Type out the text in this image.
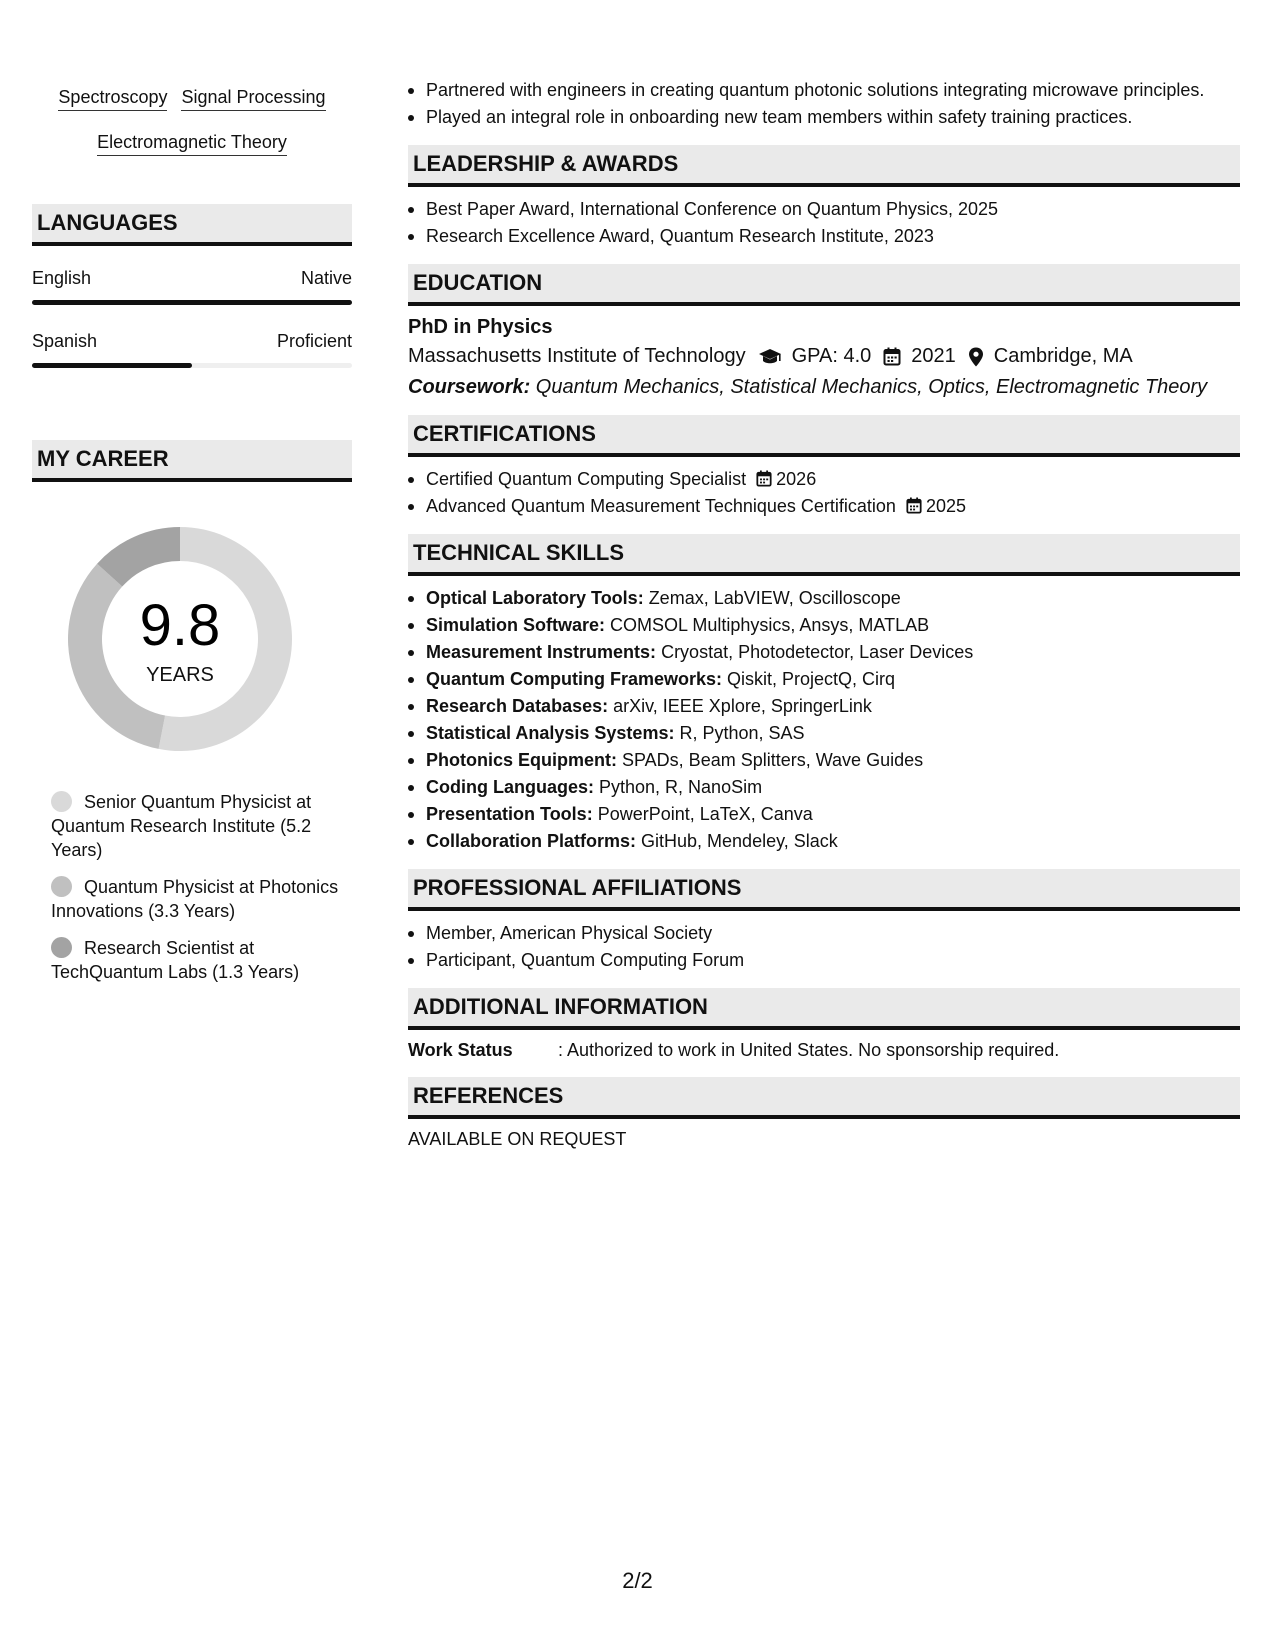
Spectroscopy Signal Processing
Electromagnetic Theory
LANGUAGES
English	Native
Spanish	Proficient
MY CAREER
9.8
YEARS
Senior Quantum Physicist at Quantum Research Institute (5.2 Years)
Quantum Physicist at Photonics Innovations (3.3 Years)
Research Scientist at TechQuantum Labs (1.3 Years)
Partnered with engineers in creating quantum photonic solutions integrating microwave principles.
Played an integral role in onboarding new team members within safety training practices.
LEADERSHIP & AWARDS
Best Paper Award, International Conference on Quantum Physics, 2025
Research Excellence Award, Quantum Research Institute, 2023
EDUCATION
PhD in Physics
Massachusetts Institute of Technology GPA: 4.0 2021 Cambridge, MA
Coursework: Quantum Mechanics, Statistical Mechanics, Optics, Electromagnetic Theory
CERTIFICATIONS
Certified Quantum Computing Specialist 2026
Advanced Quantum Measurement Techniques Certification 2025
TECHNICAL SKILLS
Optical Laboratory Tools: Zemax, LabVIEW, Oscilloscope
Simulation Software: COMSOL Multiphysics, Ansys, MATLAB
Measurement Instruments: Cryostat, Photodetector, Laser Devices
Quantum Computing Frameworks: Qiskit, ProjectQ, Cirq
Research Databases: arXiv, IEEE Xplore, SpringerLink
Statistical Analysis Systems: R, Python, SAS
Photonics Equipment: SPADs, Beam Splitters, Wave Guides
Coding Languages: Python, R, NanoSim
Presentation Tools: PowerPoint, LaTeX, Canva
Collaboration Platforms: GitHub, Mendeley, Slack
PROFESSIONAL AFFILIATIONS
Member, American Physical Society
Participant, Quantum Computing Forum
ADDITIONAL INFORMATION
Work Status	: Authorized to work in United States. No sponsorship required.
REFERENCES
AVAILABLE ON REQUEST
2/2
